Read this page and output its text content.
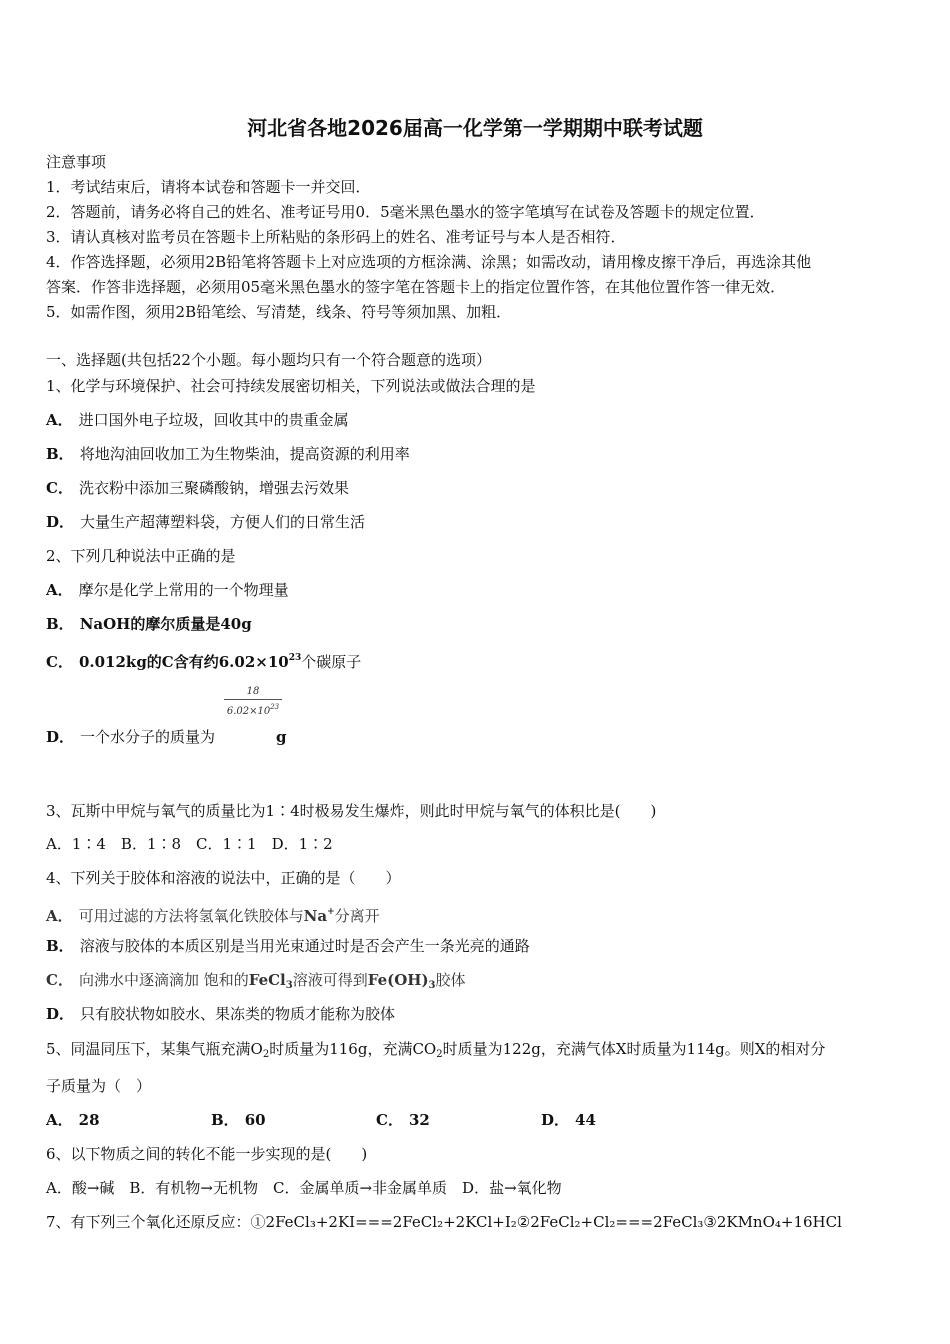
河北省各地2026届高一化学第一学期期中联考试题
注意事项
1．考试结束后，请将本试卷和答题卡一并交回．
2．答题前，请务必将自己的姓名、准考证号用0．5毫米黑色墨水的签字笔填写在试卷及答题卡的规定位置．
3．请认真核对监考员在答题卡上所粘贴的条形码上的姓名、准考证号与本人是否相符．
4．作答选择题，必须用2B铅笔将答题卡上对应选项的方框涂满、涂黑；如需改动，请用橡皮擦干净后，再选涂其他
答案．作答非选择题，必须用05毫米黑色墨水的签字笔在答题卡上的指定位置作答，在其他位置作答一律无效．
5．如需作图，须用2B铅笔绘、写清楚，线条、符号等须加黑、加粗．
一、选择题(共包括22个小题。每小题均只有一个符合题意的选项）
1、化学与环境保护、社会可持续发展密切相关，下列说法或做法合理的是
A． 进口国外电子垃圾，回收其中的贵重金属
B． 将地沟油回收加工为生物柴油，提高资源的利用率
C． 洗衣粉中添加三聚磷酸钠，增强去污效果
D． 大量生产超薄塑料袋，方便人们的日常生活
2、下列几种说法中正确的是
A． 摩尔是化学上常用的一个物理量
B． NaOH的摩尔质量是40g
C． 0.012kg的C含有约$6.02\times 10^{23}$个碳原子
18
$6.02\times 10^{23}$
D． 一个水分子的质量为	g
3、瓦斯中甲烷与氧气的质量比为1∶4时极易发生爆炸，则此时甲烷与氧气的体积比是(　　)
A．1∶4　B．1∶8　C．1∶1　D．1∶2
4、下列关于胶体和溶液的说法中，正确的是（　　）
A． 可用过滤的方法将氢氧化铁胶体与Na+分离开
B． 溶液与胶体的本质区别是当用光束通过时是否会产生一条光亮的通路
C． 向沸水中逐滴滴加 饱和的FeCl$_3$溶液可得到$Fe(OH)_3$胶体
D． 只有胶状物如胶水、果冻类的物质才能称为胶体
5、同温同压下，某集气瓶充满$O_2$时质量为116g，充满$CO_2$时质量为122g，充满气体X时质量为114g。则X的相对分
子质量为（　）
A． 28	B． 60	C． 32	D． 44
6、以下物质之间的转化不能一步实现的是(　　)
A．酸→碱　B．有机物→无机物　C．金属单质→非金属单质　D．盐→氧化物
7、有下列三个氧化还原反应：①2FeCl₃+2KI===2FeCl₂+2KCl+I₂②2FeCl₂+Cl₂===2FeCl₃③2KMnO₄+16HCl
